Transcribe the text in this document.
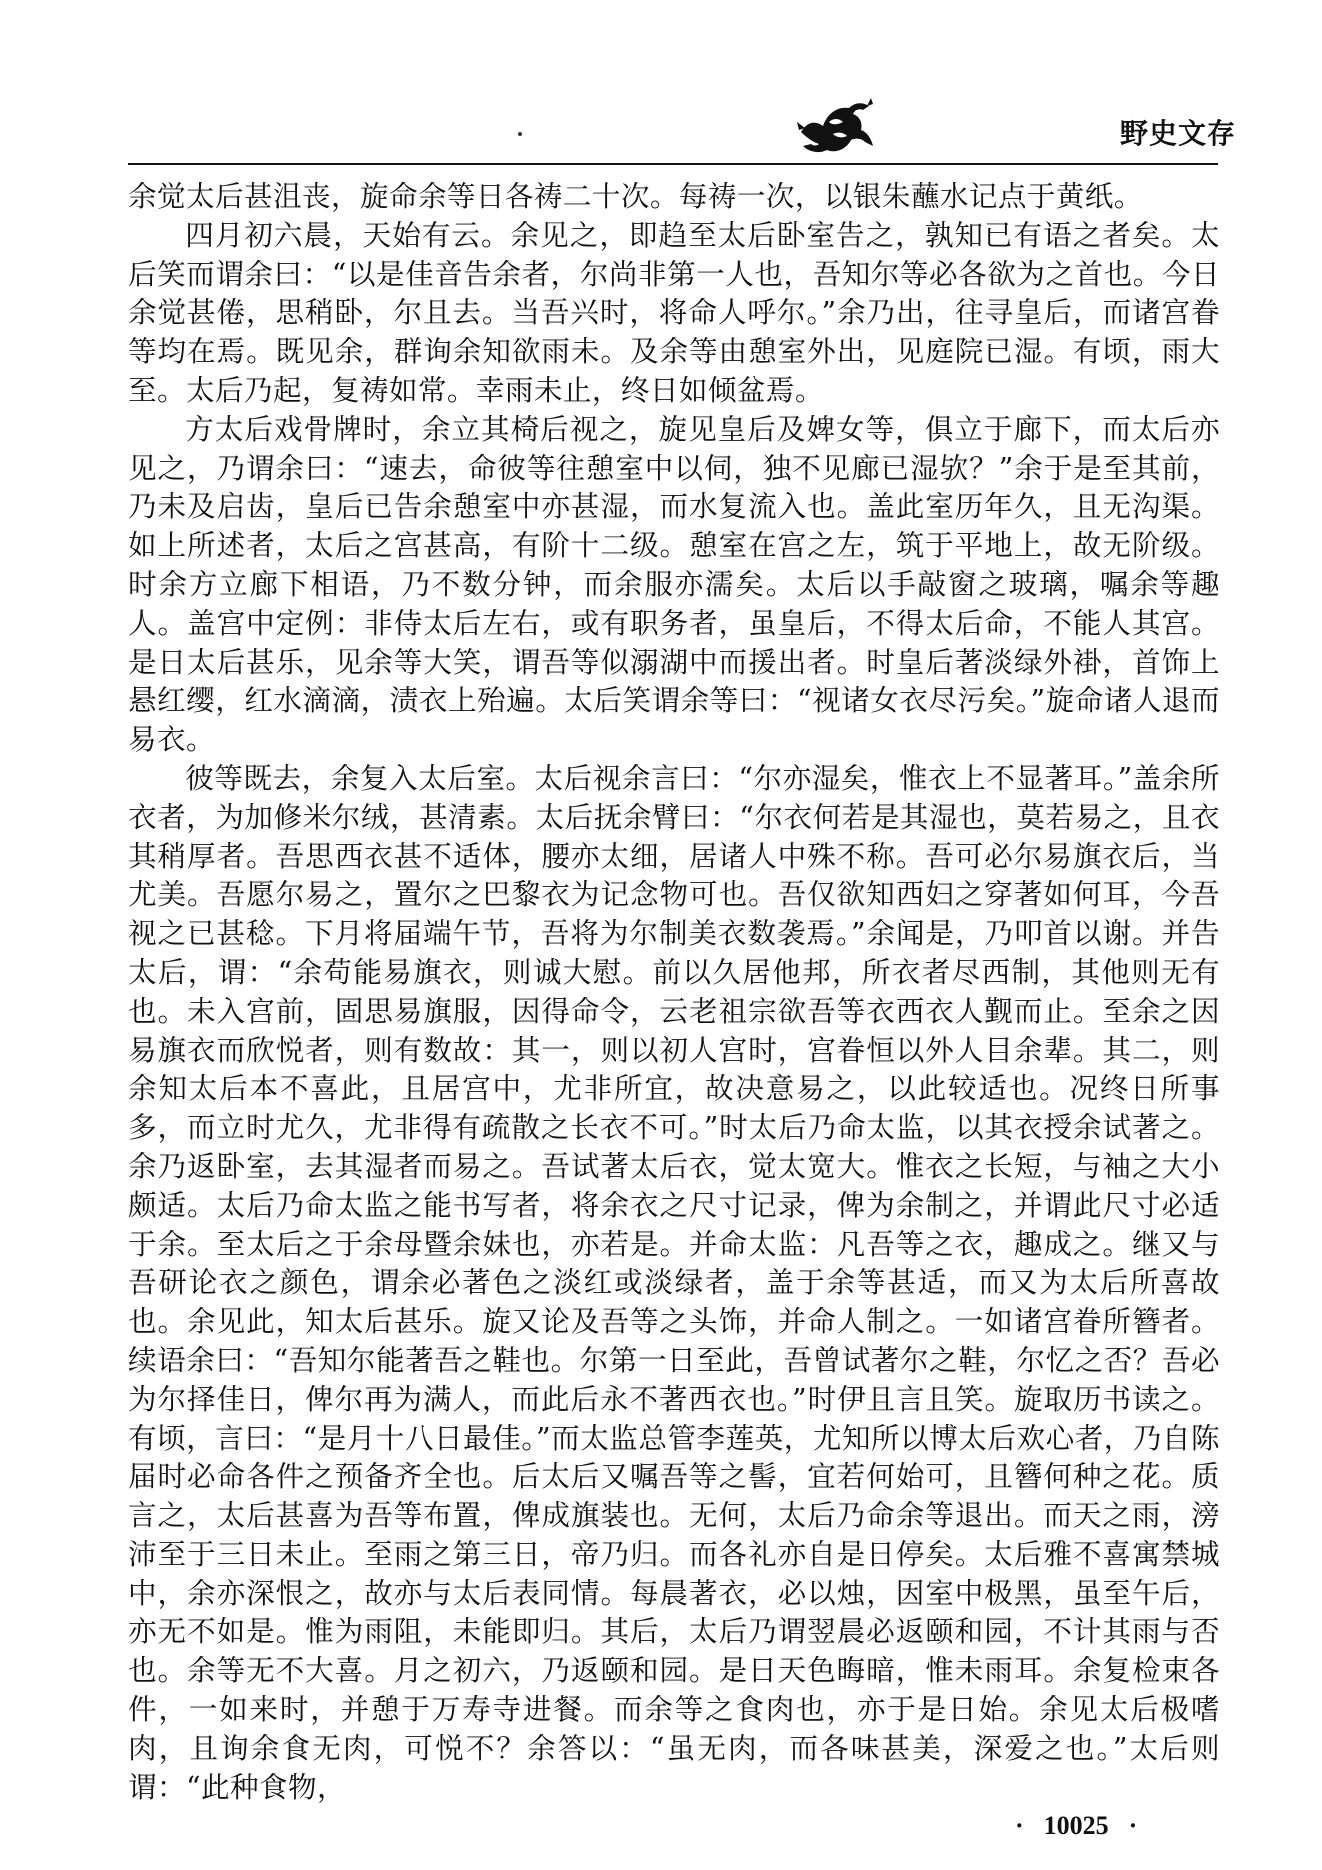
野史文存

余觉太后甚沮丧，旋命余等日各祷二十次。每祷一次，以银朱蘸水记点于黄纸。

四月初六晨，天始有云。余见之，即趋至太后卧室告之，孰知已有语之者矣。太后笑而谓余曰：“以是佳音告余者，尔尚非第一人也，吾知尔等必各欲为之首也。今日余觉甚倦，思稍卧，尔且去。当吾兴时，将命人呼尔。”余乃出，往寻皇后，而诸宫眷等均在焉。既见余，群询余知欲雨未。及余等由憩室外出，见庭院已湿。有顷，雨大至。太后乃起，复祷如常。幸雨未止，终日如倾盆焉。

方太后戏骨牌时，余立其椅后视之，旋见皇后及婢女等，俱立于廊下，而太后亦见之，乃谓余曰：“速去，命彼等往憩室中以伺，独不见廊已湿欤？”余于是至其前，乃未及启齿，皇后已告余憩室中亦甚湿，而水复流入也。盖此室历年久，且无沟渠。如上所述者，太后之宫甚高，有阶十二级。憩室在宫之左，筑于平地上，故无阶级。时余方立廊下相语，乃不数分钟，而余服亦濡矣。太后以手敲窗之玻璃，嘱余等趣人。盖宫中定例：非侍太后左右，或有职务者，虽皇后，不得太后命，不能人其宫。是日太后甚乐，见余等大笑，谓吾等似溺湖中而援出者。时皇后著淡绿外褂，首饰上悬红缨，红水滴滴，渍衣上殆遍。太后笑谓余等曰：“视诸女衣尽污矣。”旋命诸人退而易衣。

彼等既去，余复入太后室。太后视余言曰：“尔亦湿矣，惟衣上不显著耳。”盖余所衣者，为加修米尔绒，甚清素。太后抚余臂曰：“尔衣何若是其湿也，莫若易之，且衣其稍厚者。吾思西衣甚不适体，腰亦太细，居诸人中殊不称。吾可必尔易旗衣后，当尤美。吾愿尔易之，置尔之巴黎衣为记念物可也。吾仅欲知西妇之穿著如何耳，今吾视之已甚稔。下月将届端午节，吾将为尔制美衣数袭焉。”余闻是，乃叩首以谢。并告太后，谓：“余苟能易旗衣，则诚大慰。前以久居他邦，所衣者尽西制，其他则无有也。未入宫前，固思易旗服，因得命令，云老祖宗欲吾等衣西衣人觐而止。至余之因易旗衣而欣悦者，则有数故：其一，则以初人宫时，宫眷恒以外人目余辈。其二，则余知太后本不喜此，且居宫中，尤非所宜，故决意易之，以此较适也。况终日所事多，而立时尤久，尤非得有疏散之长衣不可。”时太后乃命太监，以其衣授余试著之。余乃返卧室，去其湿者而易之。吾试著太后衣，觉太宽大。惟衣之长短，与袖之大小颇适。太后乃命太监之能书写者，将余衣之尺寸记录，俾为余制之，并谓此尺寸必适于余。至太后之于余母暨余妹也，亦若是。并命太监：凡吾等之衣，趣成之。继又与吾研论衣之颜色，谓余必著色之淡红或淡绿者，盖于余等甚适，而又为太后所喜故也。余见此，知太后甚乐。旋又论及吾等之头饰，并命人制之。一如诸宫眷所簪者。续语余曰：“吾知尔能著吾之鞋也。尔第一日至此，吾曾试著尔之鞋，尔忆之否？吾必为尔择佳日，俾尔再为满人，而此后永不著西衣也。”时伊且言且笑。旋取历书读之。有顷，言曰：“是月十八日最佳。”而太监总管李莲英，尤知所以博太后欢心者，乃自陈届时必命各件之预备齐全也。后太后又嘱吾等之髻，宜若何始可，且簪何种之花。质言之，太后甚喜为吾等布置，俾成旗装也。无何，太后乃命余等退出。而天之雨，滂沛至于三日未止。至雨之第三日，帝乃归。而各礼亦自是日停矣。太后雅不喜寓禁城中，余亦深恨之，故亦与太后表同情。每晨著衣，必以烛，因室中极黑，虽至午后，亦无不如是。惟为雨阻，未能即归。其后，太后乃谓翌晨必返颐和园，不计其雨与否也。余等无不大喜。月之初六，乃返颐和园。是日天色晦暗，惟未雨耳。余复检束各件，一如来时，并憩于万寿寺进餐。而余等之食肉也，亦于是日始。余见太后极嗜肉，且询余食无肉，可悦不？余答以：“虽无肉，而各味甚美，深爱之也。”太后则谓：“此种食物，

· 10025 ·
